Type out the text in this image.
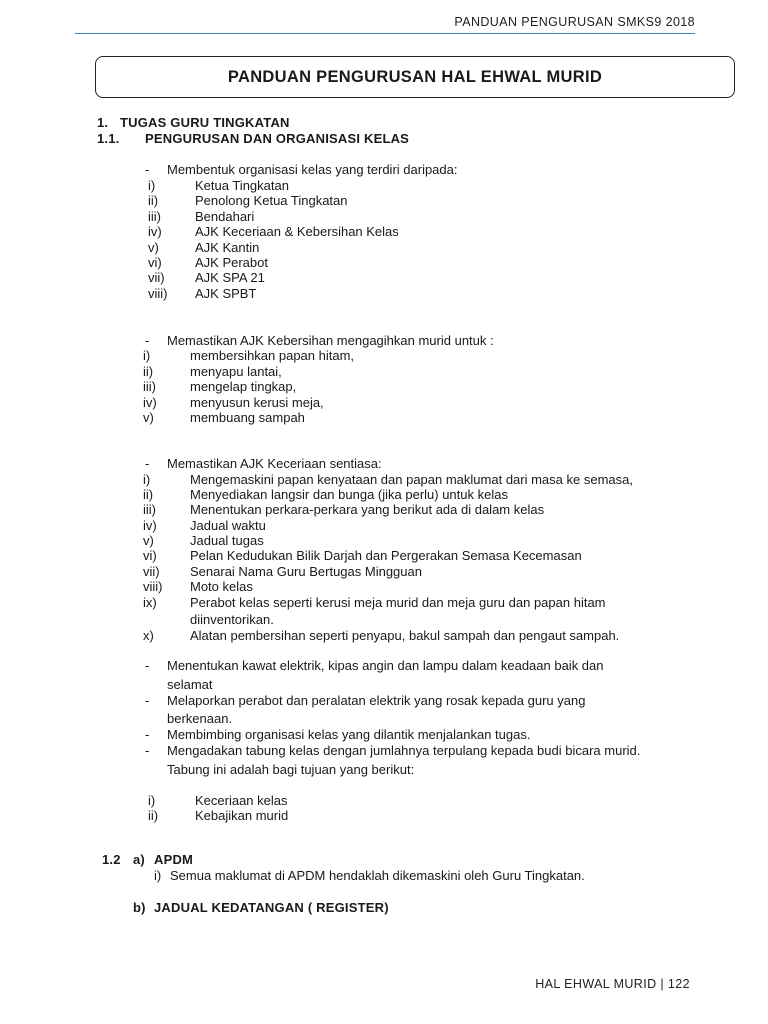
PANDUAN PENGURUSAN SMKS9 2018
PANDUAN PENGURUSAN HAL EHWAL MURID
1. TUGAS GURU TINGKATAN
1.1. PENGURUSAN DAN ORGANISASI KELAS
- Membentuk organisasi kelas yang terdiri daripada:
i)	Ketua Tingkatan
ii)	Penolong Ketua Tingkatan
iii)	Bendahari
iv)	AJK Keceriaan & Kebersihan Kelas
v)	AJK Kantin
vi)	AJK Perabot
vii) AJK SPA 21
viii) AJK SPBT
- Memastikan AJK Kebersihan mengagihkan murid untuk :
i)	membersihkan papan hitam,
ii)	menyapu lantai,
iii)	mengelap tingkap,
iv)	menyusun kerusi meja,
v)	membuang sampah
- Memastikan AJK Keceriaan sentiasa:
i)	Mengemaskini papan kenyataan dan papan maklumat dari masa ke semasa,
ii)	Menyediakan langsir dan bunga (jika perlu) untuk kelas
iii)	Menentukan perkara-perkara yang berikut ada di dalam kelas
iv)	Jadual waktu
v)	Jadual tugas
vi)	Pelan Kedudukan Bilik Darjah dan Pergerakan Semasa Kecemasan
vii) Senarai Nama Guru Bertugas Mingguan
viii) Moto kelas
ix)	Perabot kelas seperti kerusi meja murid dan meja guru dan papan hitam
diinventorikan.
x)	Alatan pembersihan seperti penyapu, bakul sampah dan pengaut sampah.
- Menentukan kawat elektrik, kipas angin dan lampu dalam keadaan baik dan
selamat
- Melaporkan perabot dan peralatan elektrik yang rosak kepada guru yang
berkenaan.
- Membimbing organisasi kelas yang dilantik menjalankan tugas.
- Mengadakan tabung kelas dengan jumlahnya terpulang kepada budi bicara murid.
Tabung ini adalah bagi tujuan yang berikut:
i)	Keceriaan kelas
ii)	Kebajikan murid
1.2 a) APDM
i) Semua maklumat di APDM hendaklah dikemaskini oleh Guru Tingkatan.
b) JADUAL KEDATANGAN ( REGISTER)
HAL EHWAL MURID | 122
